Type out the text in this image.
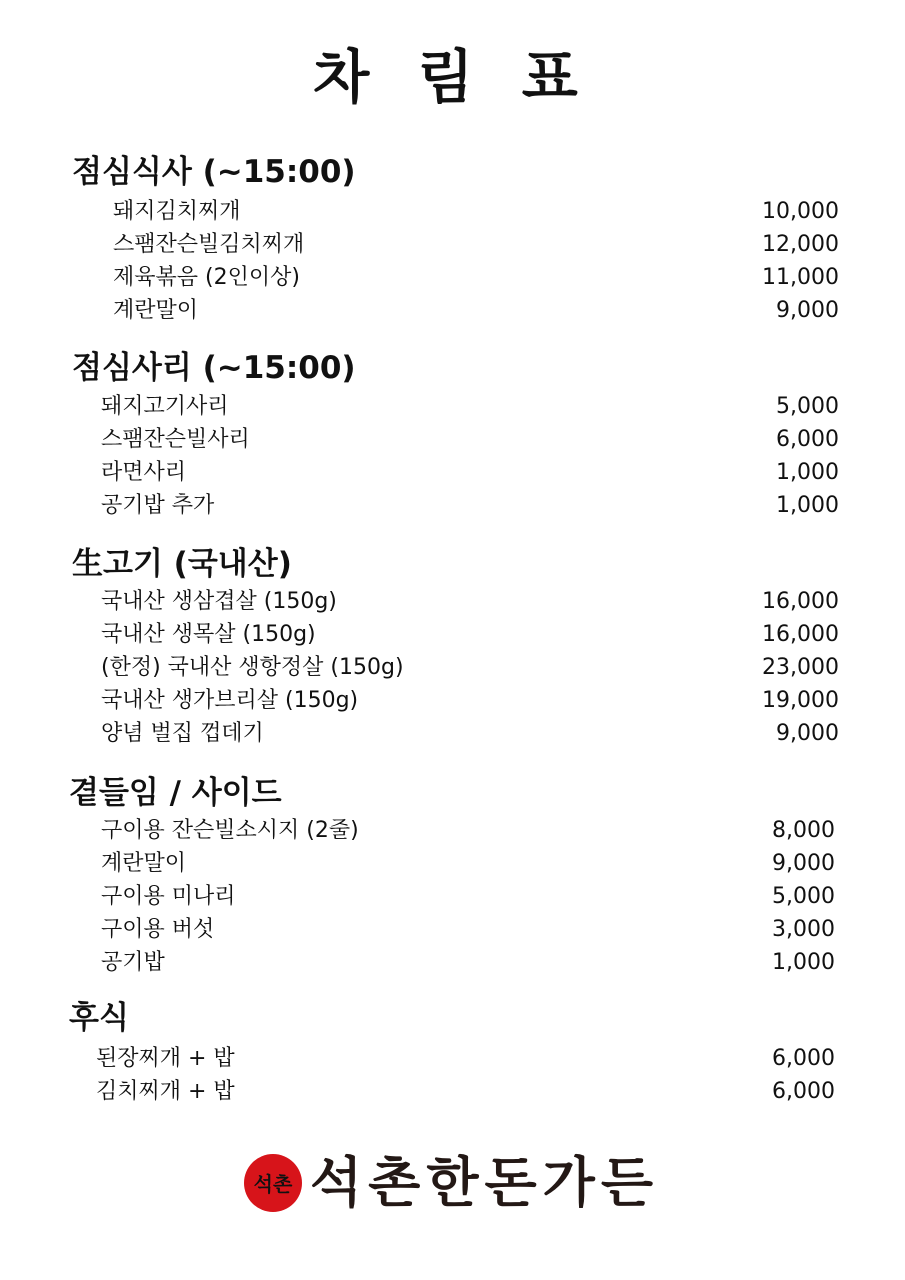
차 림 표
점심식사 (~15:00)
돼지김치찌개	10,000
스팸잔슨빌김치찌개	12,000
제육볶음 (2인이상)	11,000
계란말이	9,000
점심사리 (~15:00)
돼지고기사리	5,000
스팸잔슨빌사리	6,000
라면사리	1,000
공기밥 추가	1,000
生고기 (국내산)
국내산 생삼겹살 (150g)	16,000
국내산 생목살 (150g)	16,000
(한정) 국내산 생항정살 (150g)	23,000
국내산 생가브리살 (150g)	19,000
양념 벌집 껍데기	9,000
곁들임 / 사이드
구이용 잔슨빌소시지 (2줄)	8,000
계란말이	9,000
구이용 미나리	5,000
구이용 버섯	3,000
공기밥	1,000
후식
된장찌개 + 밥	6,000
김치찌개 + 밥	6,000
석촌 석촌한돈가든
